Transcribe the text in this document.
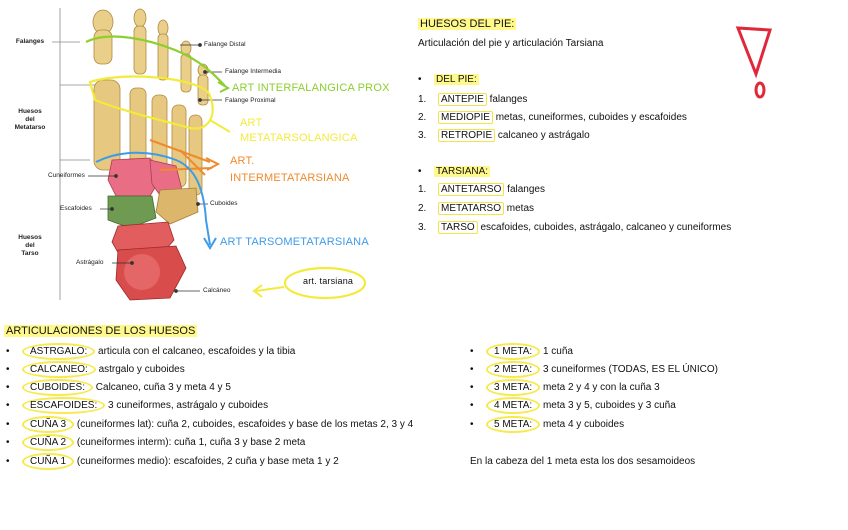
Falanges
Huesos
del
Metatarso
Huesos
del
Tarso
Falange Distal
Falange Intermedia
Falange Proximal
Cuneiformes
Escafoides
Cuboides
Astrágalo
Calcáneo
ART INTERFALANGICA PROX
ART
METATARSOLANGICA
ART.
INTERMETATARSIANA
ART TARSOMETATARSIANA
art. tarsiana
HUESOS DEL PIE:
Articulación del pie y articulación Tarsiana
•	DEL PIE:
1.	ANTEPIE
falanges
2.	MEDIOPIE
metas, cuneiformes, cuboides y escafoides
3.	RETROPIE
calcaneo y astrágalo
•	TARSIANA:
1.	ANTETARSO
falanges
2.	METATARSO
metas
3.	TARSO
escafoides, cuboides, astrágalo, calcaneo y cuneiformes
ARTICULACIONES DE LOS HUESOS
•	ASTRGALO:
	articula con el calcaneo, escafoides y la tibia
•	CALCANEO:
	astrgalo y cuboides
•	CUBOIDES:
	Calcaneo, cuña 3 y meta 4 y 5
•	ESCAFOIDES:
	3 cuneiformes, astrágalo y cuboides
•	CUÑA 3
	(cuneiformes lat): cuña 2, cuboides, escafoides y base de los metas 2, 3 y 4
•	CUÑA 2
	(cuneiformes interm): cuña 1, cuña 3 y base 2 meta
•	CUÑA 1
	(cuneiformes medio): escafoides, 2 cuña y base meta 1 y 2
•	1 META:
	1 cuña
•	2 META:
	3 cuneiformes (TODAS, ES EL ÚNICO)
•	3 META:
	meta 2 y 4 y con la cuña 3
•	4 META:
	meta 3 y 5, cuboides y 3 cuña
•	5 META:
	meta 4 y cuboides
En la cabeza del 1 meta esta los dos sesamoideos
